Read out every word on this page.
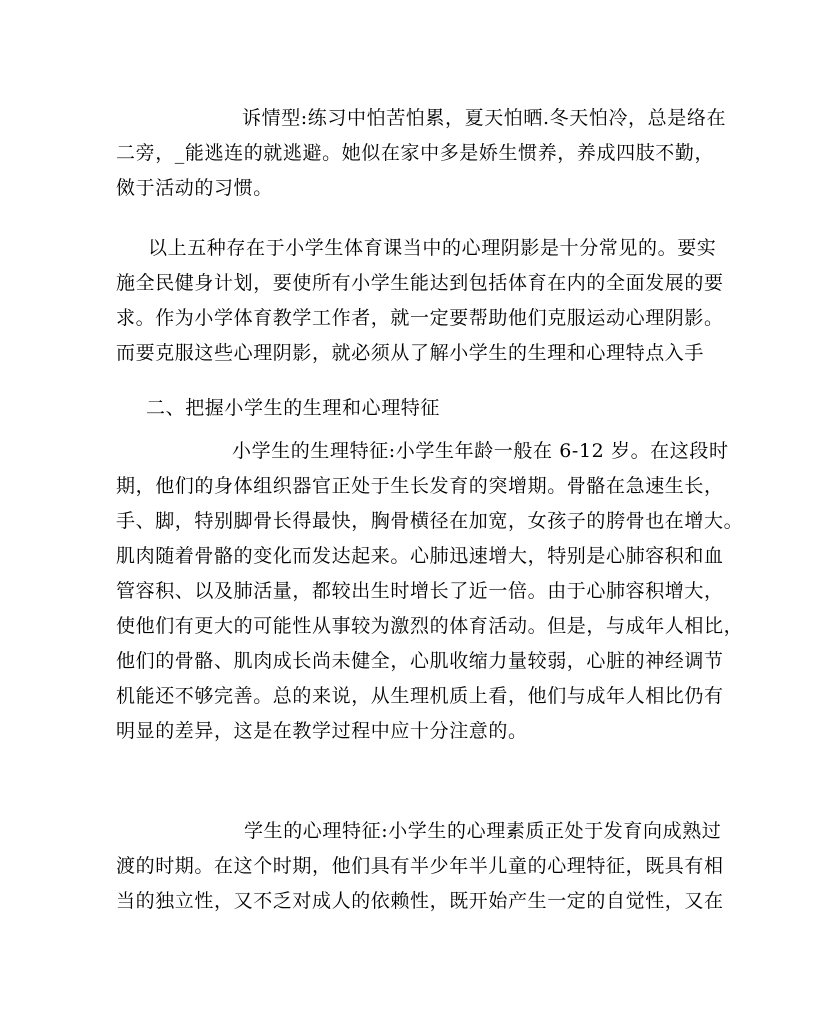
诉情型:练习中怕苦怕累，夏天怕晒.冬天怕冷，总是络在
二旁，_能逃连的就逃避。她似在家中多是娇生惯养，养成四肢不勤，
傚于活动的习惯。
以上五种存在于小学生体育课当中的心理阴影是十分常见的。要实
施全民健身计划，要使所有小学生能达到包括体育在内的全面发展的要
求。作为小学体育教学工作者，就一定要帮助他们克服运动心理阴影。
而要克服这些心理阴影，就必须从了解小学生的生理和心理特点入手
二、把握小学生的生理和心理特征
小学生的生理特征:小学生年龄一般在 6-12 岁。在这段时
期，他们的身体组织器官正处于生长发育的突增期。骨骼在急速生长，
手、脚，特别脚骨长得最快，胸骨横径在加宽，女孩子的胯骨也在增大。
肌肉随着骨骼的变化而发达起来。心肺迅速增大，特别是心肺容积和血
管容积、以及肺活量，都较出生时增长了近一倍。由于心肺容积增大，
使他们有更大的可能性从事较为激烈的体育活动。但是，与成年人相比，
他们的骨骼、肌肉成长尚未健全，心肌收缩力量较弱，心脏的神经调节
机能还不够完善。总的来说，从生理机质上看，他们与成年人相比仍有
明显的差异，这是在教学过程中应十分注意的。
学生的心理特征:小学生的心理素质正处于发育向成熟过
渡的时期。在这个时期，他们具有半少年半儿童的心理特征，既具有相
当的独立性，又不乏对成人的依赖性，既开始产生一定的自觉性，又在
